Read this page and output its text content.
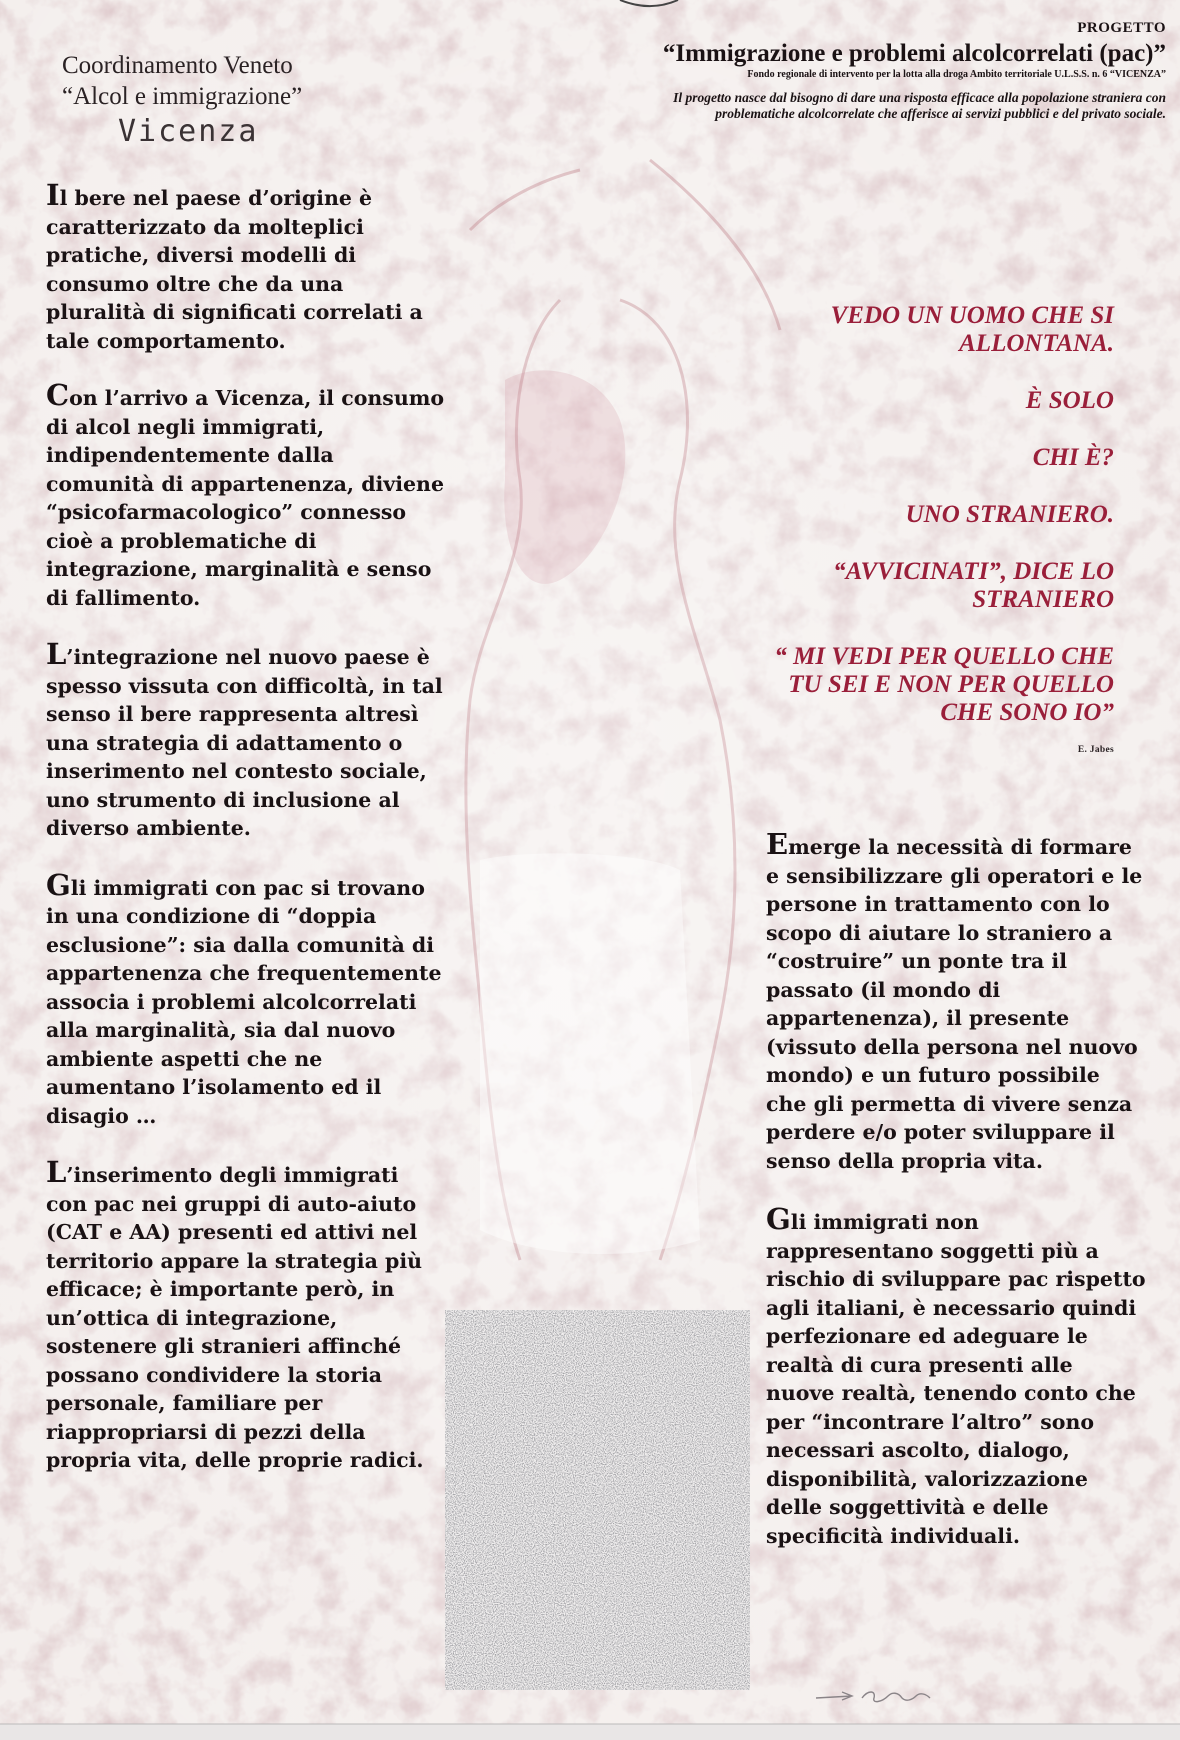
Coordinamento Veneto
“Alcol e immigrazione”
Vicenza
PROGETTO
“Immigrazione e problemi alcolcorrelati (pac)”
Fondo regionale di intervento per la lotta alla droga Ambito territoriale U.L.S.S. n. 6 “VICENZA”
Il progetto nasce dal bisogno di dare una risposta efficace alla popolazione straniera con problematiche alcolcorrelate che afferisce ai servizi pubblici e del privato sociale.

Il bere nel paese d’origine è caratterizzato da molteplici pratiche, diversi modelli di consumo oltre che da una pluralità di significati correlati a tale comportamento.

Con l’arrivo a Vicenza, il consumo di alcol negli immigrati, indipendentemente dalla comunità di appartenenza, diviene “psicofarmacologico” connesso cioè a problematiche di integrazione, marginalità e senso di fallimento.

L’integrazione nel nuovo paese è spesso vissuta con difficoltà, in tal senso il bere rappresenta altresì una strategia di adattamento o inserimento nel contesto sociale, uno strumento di inclusione al diverso ambiente.

Gli immigrati con pac si trovano in una condizione di “doppia esclusione”: sia dalla comunità di appartenenza che frequentemente associa i problemi alcolcorrelati alla marginalità, sia dal nuovo ambiente aspetti che ne aumentano l’isolamento ed il disagio …

L’inserimento degli immigrati con pac nei gruppi di auto-aiuto (CAT e AA) presenti ed attivi nel territorio appare la strategia più efficace; è importante però, in un’ottica di integrazione, sostenere gli stranieri affinché possano condividere la storia personale, familiare per riappropriarsi di pezzi della propria vita, delle proprie radici.

VEDO UN UOMO CHE SI ALLONTANA.
È SOLO
CHI È?
UNO STRANIERO.
“AVVICINATI”, DICE LO STRANIERO
“ MI VEDI PER QUELLO CHE TU SEI E NON PER QUELLO CHE SONO IO”
E. Jabes

Emerge la necessità di formare e sensibilizzare gli operatori e le persone in trattamento con lo scopo di aiutare lo straniero a “costruire” un ponte tra il passato (il mondo di appartenenza), il presente (vissuto della persona nel nuovo mondo) e un futuro possibile che gli permetta di vivere senza perdere e/o poter sviluppare il senso della propria vita.

Gli immigrati non rappresentano soggetti più a rischio di sviluppare pac rispetto agli italiani, è necessario quindi perfezionare ed adeguare le realtà di cura presenti alle nuove realtà, tenendo conto che per “incontrare l’altro” sono necessari ascolto, dialogo, disponibilità, valorizzazione delle soggettività e delle specificità individuali.
